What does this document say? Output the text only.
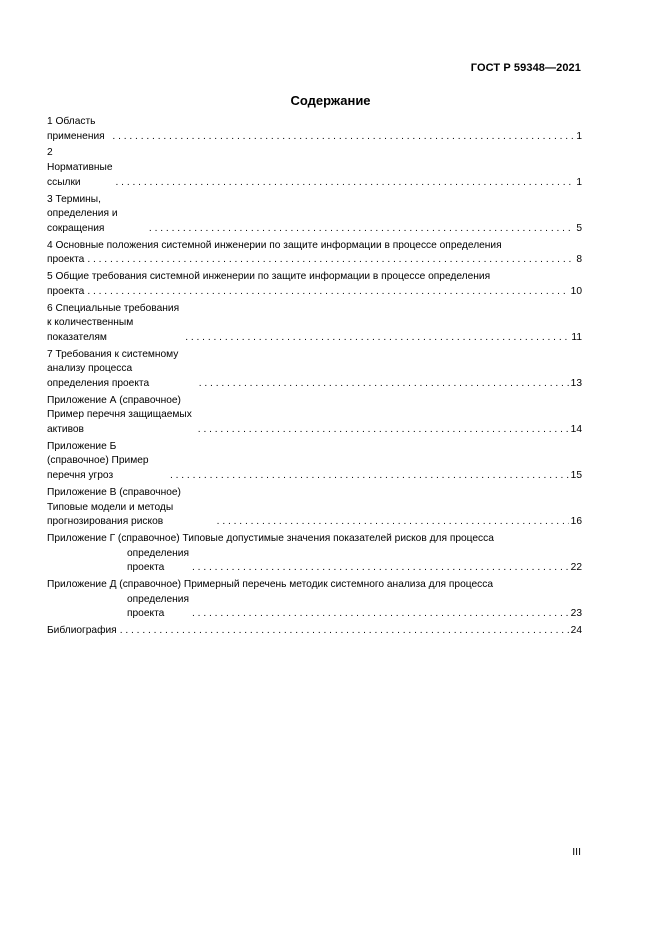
ГОСТ Р 59348—2021
Содержание
1 Область применения . . .	1
2 Нормативные ссылки . . .	1
3 Термины, определения и сокращения . . .	5
4 Основные положения системной инженерии по защите информации в процессе определения
проекта . . .	8
5 Общие требования системной инженерии по защите информации в процессе определения
проекта . . .	10
6 Специальные требования к количественным показателям . . .	11
7 Требования к системному анализу процесса определения проекта . . .	13
Приложение А (справочное) Пример перечня защищаемых активов . . .	14
Приложение Б (справочное) Пример перечня угроз . . .	15
Приложение В (справочное) Типовые модели и методы прогнозирования рисков . . .	16
Приложение Г (справочное) Типовые допустимые значения показателей рисков для процесса
определения проекта . . .	22
Приложение Д (справочное) Примерный перечень методик системного анализа для процесса
определения проекта . . .	23
Библиография . . .	24
III
